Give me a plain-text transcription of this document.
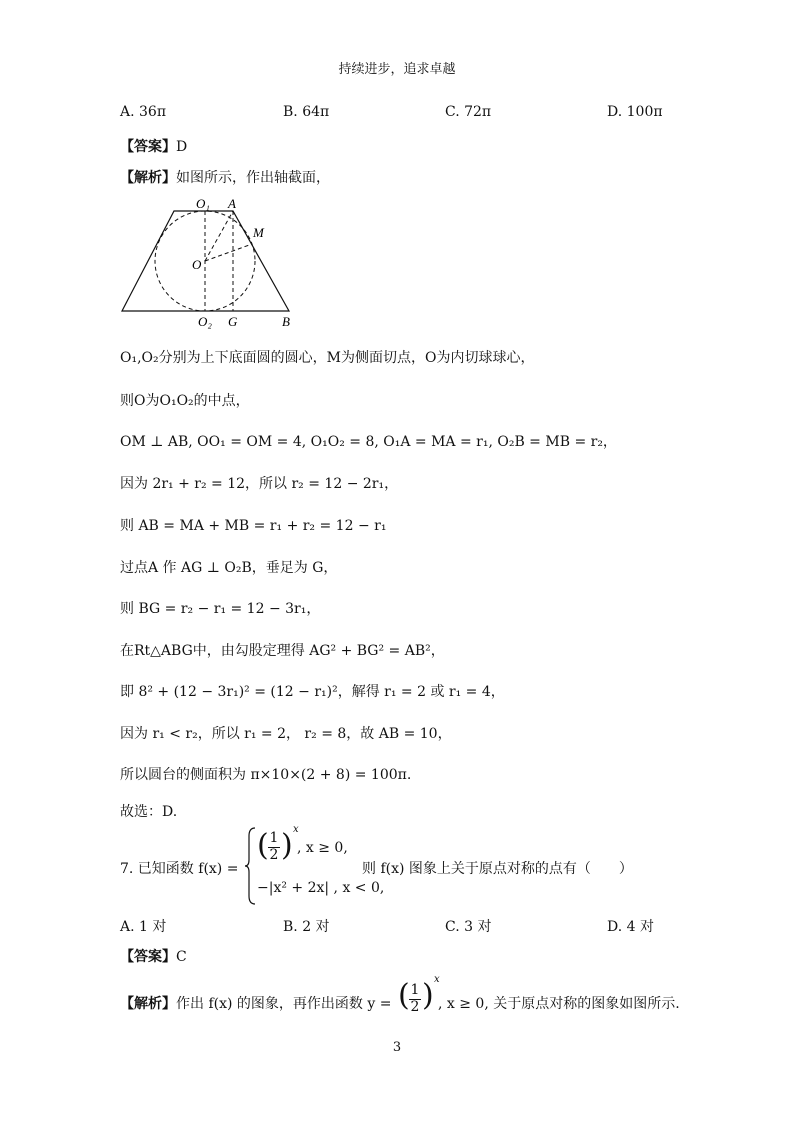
持续进步，追求卓越
A. 36π	B. 64π	C. 72π	D. 100π
【答案】D
【解析】如图所示，作出轴截面，
O₁ A
M
O
O₂ G	B
O₁,O₂分别为上下底面圆的圆心，M为侧面切点，O为内切球球心，
则O为O₁O₂的中点，
OM ⊥ AB, OO₁ = OM = 4, O₁O₂ = 8, O₁A = MA = r₁, O₂B = MB = r₂，
因为 2r₁ + r₂ = 12，所以 r₂ = 12 − 2r₁，
则 AB = MA + MB = r₁ + r₂ = 12 − r₁
过点A 作 AG ⊥ O₂B，垂足为 G，
则 BG = r₂ − r₁ = 12 − 3r₁，
在Rt△ABG中，由勾股定理得 AG² + BG² = AB²，
即 8² + (12 − 3r₁)² = (12 − r₁)²，解得 r₁ = 2 或 r₁ = 4，
因为 r₁ < r₂，所以 r₁ = 2， r₂ = 8，故 AB = 10，
所以圆台的侧面积为 π×10×(2 + 8) = 100π.
故选：D.
7. 已知函数 f(x) =
( 1
2 ) x
, x ≥ 0,
−|x² + 2x| , x < 0,
则 f(x) 图象上关于原点对称的点有（　　）
A. 1 对	B. 2 对	C. 3 对	D. 4 对
【答案】C
【解析】作出 f(x) 的图象，再作出函数 y = ( 1
2 ) x
, x ≥ 0, 关于原点对称的图象如图所示.
3
